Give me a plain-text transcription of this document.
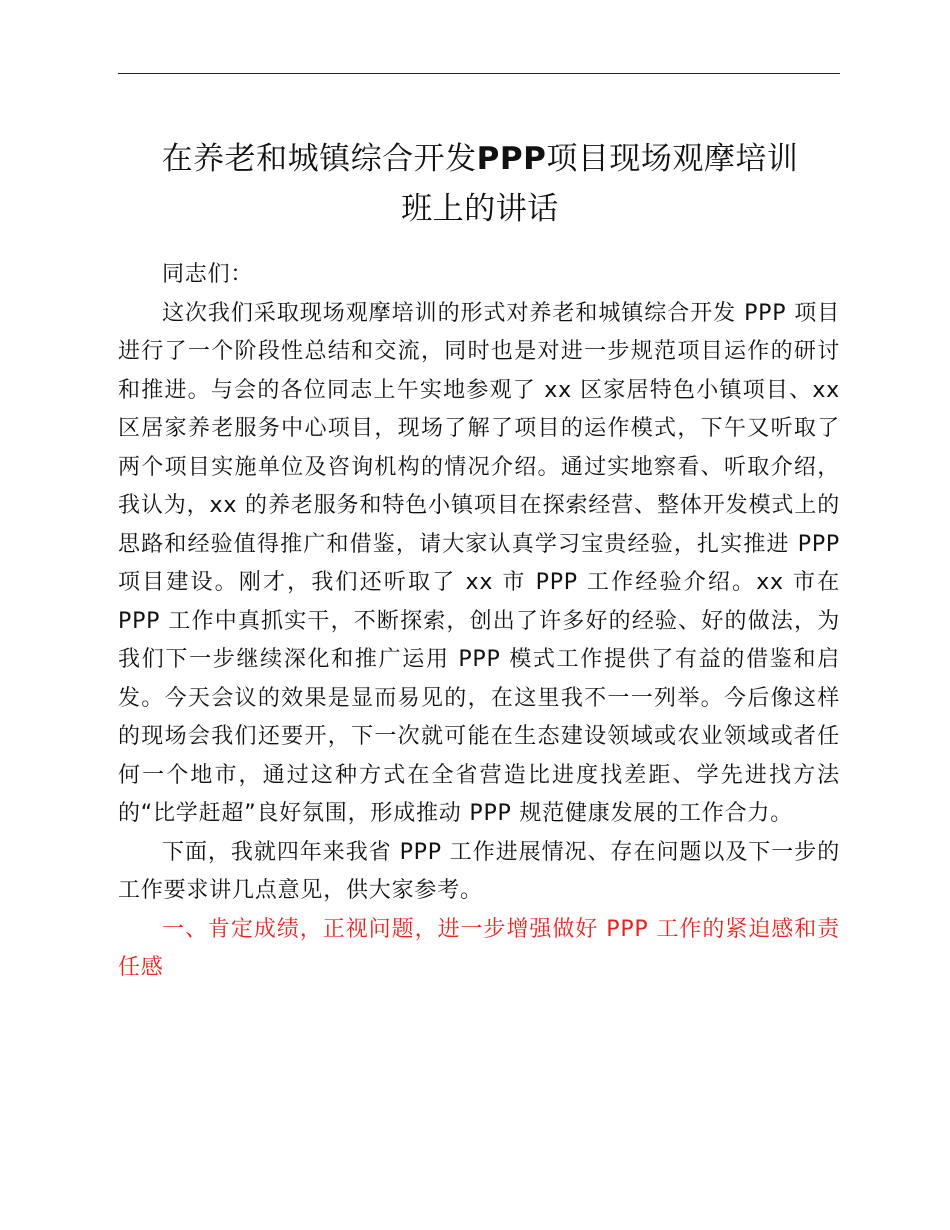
在养老和城镇综合开发PPP项目现场观摩培训
班上的讲话

同志们：

这次我们采取现场观摩培训的形式对养老和城镇综合开发 PPP 项目进行了一个阶段性总结和交流，同时也是对进一步规范项目运作的研讨和推进。与会的各位同志上午实地参观了 xx 区家居特色小镇项目、xx 区居家养老服务中心项目，现场了解了项目的运作模式，下午又听取了两个项目实施单位及咨询机构的情况介绍。通过实地察看、听取介绍，我认为，xx 的养老服务和特色小镇项目在探索经营、整体开发模式上的思路和经验值得推广和借鉴，请大家认真学习宝贵经验，扎实推进 PPP 项目建设。刚才，我们还听取了 xx 市 PPP 工作经验介绍。xx 市在 PPP 工作中真抓实干，不断探索，创出了许多好的经验、好的做法，为我们下一步继续深化和推广运用 PPP 模式工作提供了有益的借鉴和启发。今天会议的效果是显而易见的，在这里我不一一列举。今后像这样的现场会我们还要开，下一次就可能在生态建设领域或农业领域或者任何一个地市，通过这种方式在全省营造比进度找差距、学先进找方法的“比学赶超”良好氛围，形成推动 PPP 规范健康发展的工作合力。

下面，我就四年来我省 PPP 工作进展情况、存在问题以及下一步的工作要求讲几点意见，供大家参考。

一、肯定成绩，正视问题，进一步增强做好 PPP 工作的紧迫感和责任感
